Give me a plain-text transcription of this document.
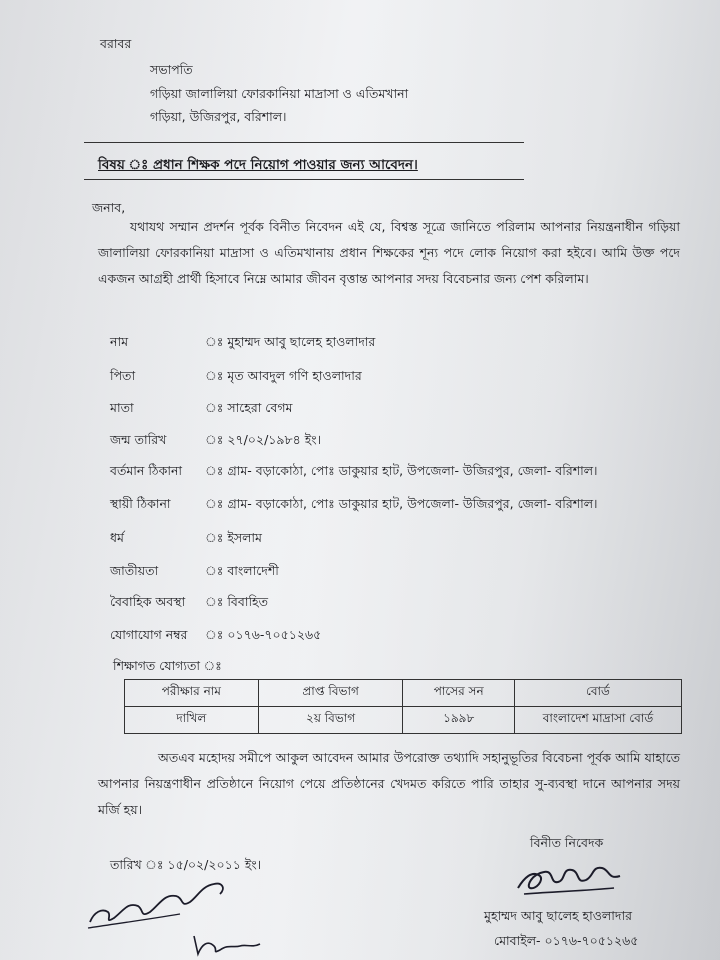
বরাবর
সভাপতি
গড়িয়া জালালিয়া ফোরকানিয়া মাদ্রাসা ও এতিমখানা
গড়িয়া, উজিরপুর, বরিশাল।
বিষয় ঃ প্রধান শিক্ষক পদে নিয়োগ পাওয়ার জন্য আবেদন।
জনাব,
যথাযথ সম্মান প্রদর্শন পূর্বক বিনীত নিবেদন এই যে, বিশ্বস্ত সূত্রে জানিতে পরিলাম আপনার নিয়ন্ত্রনাধীন গড়িয়া জালালিয়া ফোরকানিয়া মাদ্রাসা ও এতিমখানায় প্রধান শিক্ষকের শূন্য পদে লোক নিয়োগ করা হইবে। আমি উক্ত পদে একজন আগ্রহী প্রার্থী হিসাবে নিম্নে আমার জীবন বৃত্তান্ত আপনার সদয় বিবেচনার জন্য পেশ করিলাম।
নাম	ঃ মুহাম্মদ আবু ছালেহ হাওলাদার
পিতা	ঃ মৃত আবদুল গণি হাওলাদার
মাতা	ঃ সাহেরা বেগম
জন্ম তারিখ	ঃ ২৭/০২/১৯৮৪ ইং।
বর্তমান ঠিকানা ঃ গ্রাম- বড়াকোঠা, পোঃ ডাকুয়ার হাট, উপজেলা- উজিরপুর, জেলা- বরিশাল।
স্থায়ী ঠিকানা	ঃ গ্রাম- বড়াকোঠা, পোঃ ডাকুয়ার হাট, উপজেলা- উজিরপুর, জেলা- বরিশাল।
ধর্ম	ঃ ইসলাম
জাতীয়তা	ঃ বাংলাদেশী
বৈবাহিক অবস্থা ঃ বিবাহিত
যোগাযোগ নম্বর ঃ ০১৭৬-৭০৫১২৬৫
শিক্ষাগত যোগ্যতা ঃ
পরীক্ষার নাম	প্রাপ্ত বিভাগ	পাসের সন	বোর্ড
দাখিল	২য় বিভাগ	১৯৯৮	বাংলাদেশ মাদ্রাসা বোর্ড
অতএব মহোদয় সমীপে আকুল আবেদন আমার উপরোক্ত তথ্যাদি সহানুভূতির বিবেচনা পূর্বক আমি যাহাতে আপনার নিয়ন্ত্রণাধীন প্রতিষ্ঠানে নিয়োগ পেয়ে প্রতিষ্ঠানের খেদমত করিতে পারি তাহার সু-ব্যবস্থা দানে আপনার সদয় মর্জি হয়।
বিনীত নিবেদক
তারিখ ঃ ১৫/০২/২০১১ ইং।
মুহাম্মদ আবু ছালেহ হাওলাদার
মোবাইল- ০১৭৬-৭০৫১২৬৫
